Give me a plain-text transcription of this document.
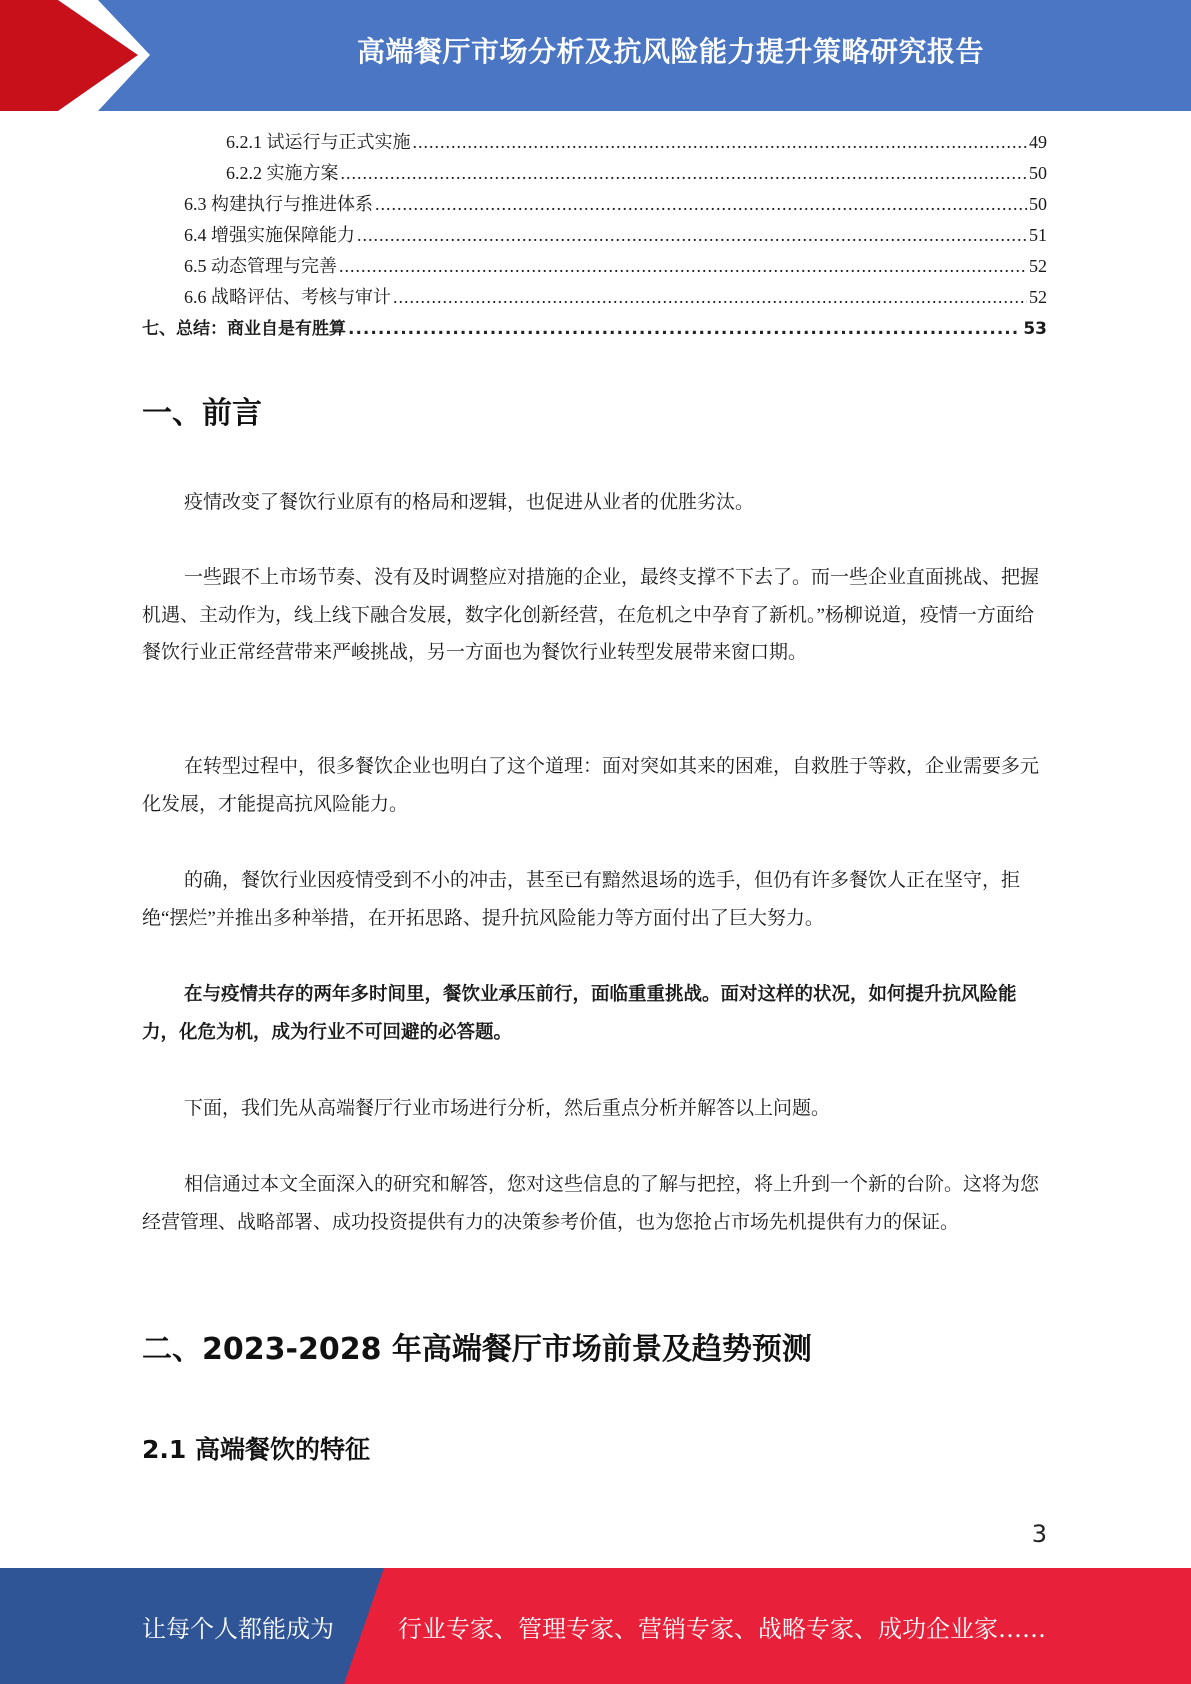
高端餐厅市场分析及抗风险能力提升策略研究报告
6.2.1 试运行与正式实施 .....	49
6.2.2 实施方案 .....	50
6.3 构建执行与推进体系 .....	50
6.4 增强实施保障能力 .....	51
6.5 动态管理与完善 .....	52
6.6 战略评估、考核与审计 .....	52
七、总结：商业自是有胜算 .....	53
一、前言

疫情改变了餐饮行业原有的格局和逻辑，也促进从业者的优胜劣汰。

一些跟不上市场节奏、没有及时调整应对措施的企业，最终支撑不下去了。而一些企业直面挑战、把握机遇、主动作为，线上线下融合发展，数字化创新经营，在危机之中孕育了新机。”杨柳说道，疫情一方面给餐饮行业正常经营带来严峻挑战，另一方面也为餐饮行业转型发展带来窗口期。

在转型过程中，很多餐饮企业也明白了这个道理：面对突如其来的困难，自救胜于等救，企业需要多元化发展，才能提高抗风险能力。

的确，餐饮行业因疫情受到不小的冲击，甚至已有黯然退场的选手，但仍有许多餐饮人正在坚守，拒绝“摆烂”并推出多种举措，在开拓思路、提升抗风险能力等方面付出了巨大努力。

在与疫情共存的两年多时间里，餐饮业承压前行，面临重重挑战。面对这样的状况，如何提升抗风险能力，化危为机，成为行业不可回避的必答题。

下面，我们先从高端餐厅行业市场进行分析，然后重点分析并解答以上问题。

相信通过本文全面深入的研究和解答，您对这些信息的了解与把控，将上升到一个新的台阶。这将为您经营管理、战略部署、成功投资提供有力的决策参考价值，也为您抢占市场先机提供有力的保证。

二、2023-2028 年高端餐厅市场前景及趋势预测
2.1 高端餐饮的特征
3
让每个人都能成为	行业专家、管理专家、营销专家、战略专家、成功企业家……
